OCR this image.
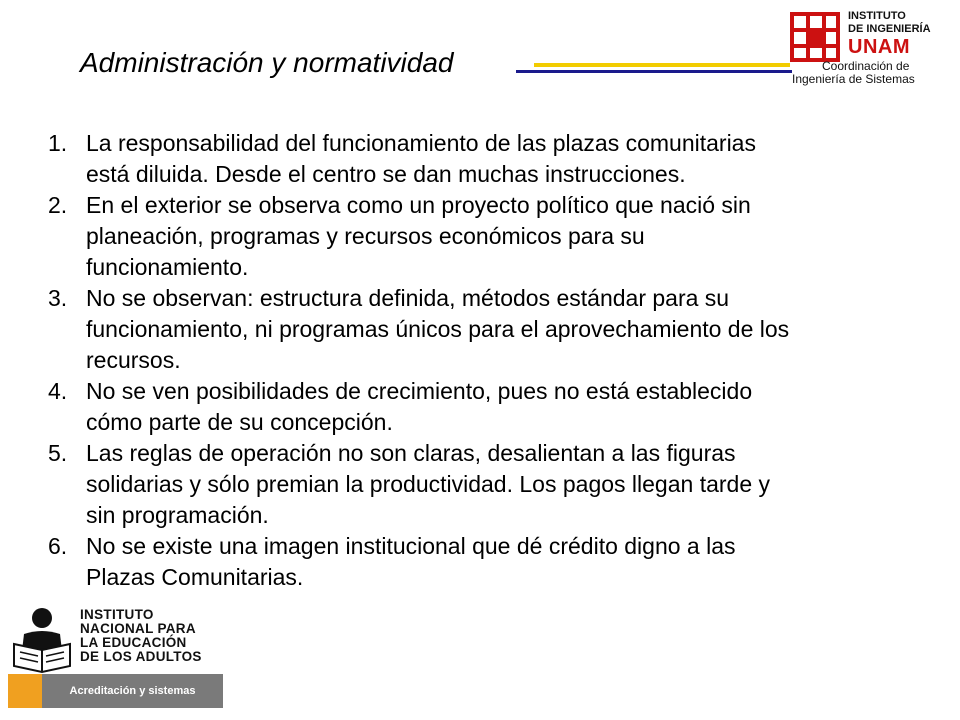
Administración y normatividad
INSTITUTO
DE INGENIERÍA
UNAM
Coordinación de
Ingeniería de Sistemas
1. La responsabilidad del funcionamiento de las plazas comunitarias
está diluida. Desde el centro se dan muchas instrucciones.
2. En el exterior se observa como un proyecto político que nació sin
planeación, programas y recursos económicos para su
funcionamiento.
3. No se observan: estructura definida, métodos estándar para su
funcionamiento, ni programas únicos para el aprovechamiento de los
recursos.
4. No se ven posibilidades de crecimiento, pues no está establecido
cómo parte de su concepción.
5. Las reglas de operación no son claras, desalientan a las figuras
solidarias y sólo premian la productividad. Los pagos llegan tarde y
sin programación.
6. No se existe una imagen institucional que dé crédito digno a las
Plazas Comunitarias.
INSTITUTO
NACIONAL PARA
LA EDUCACIÓN
DE LOS ADULTOS
Acreditación y sistemas
